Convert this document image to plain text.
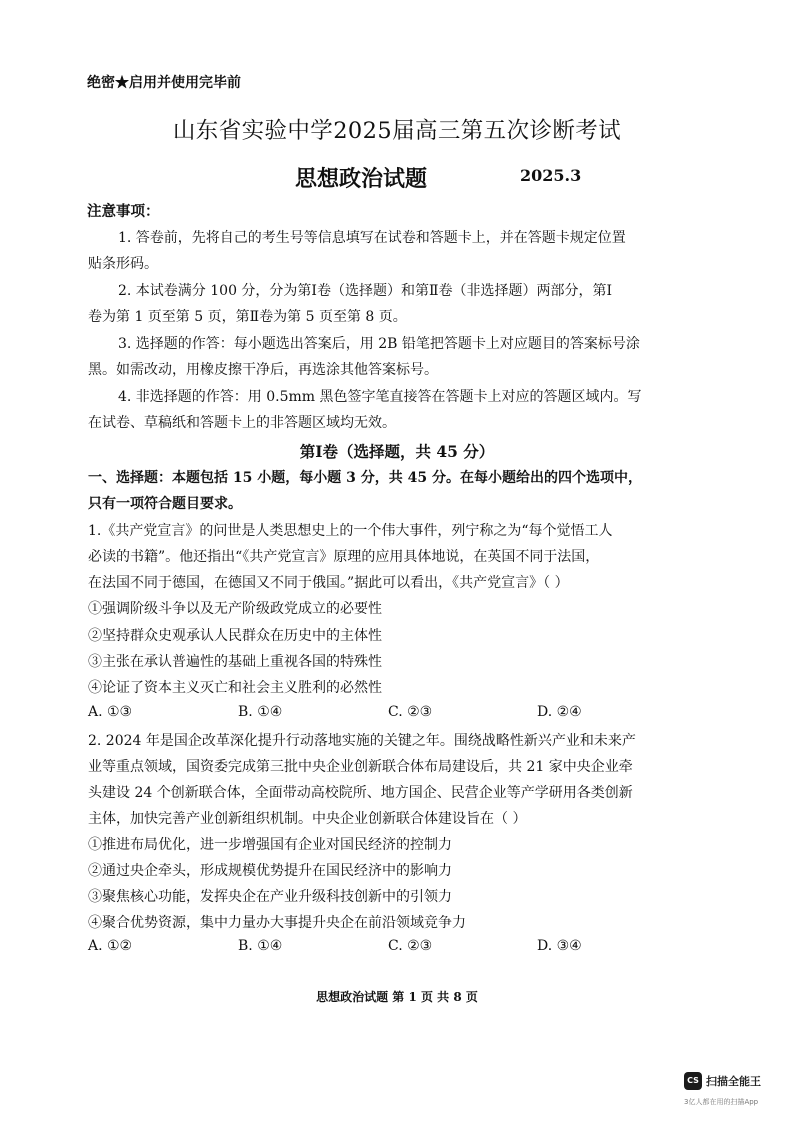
绝密★启用并使用完毕前
山东省实验中学2025届高三第五次诊断考试
思想政治试题	2025.3
注意事项：
1. 答卷前，先将自己的考生号等信息填写在试卷和答题卡上，并在答题卡规定位置
贴条形码。
2. 本试卷满分 100 分，分为第Ⅰ卷（选择题）和第Ⅱ卷（非选择题）两部分，第Ⅰ
卷为第 1 页至第 5 页，第Ⅱ卷为第 5 页至第 8 页。
3. 选择题的作答：每小题选出答案后，用 2B 铅笔把答题卡上对应题目的答案标号涂
黑。如需改动，用橡皮擦干净后，再选涂其他答案标号。
4. 非选择题的作答：用 0.5mm 黑色签字笔直接答在答题卡上对应的答题区域内。写
在试卷、草稿纸和答题卡上的非答题区域均无效。
第Ⅰ卷（选择题，共 45 分）
一、选择题：本题包括 15 小题，每小题 3 分，共 45 分。在每小题给出的四个选项中，
只有一项符合题目要求。
1.《共产党宣言》的问世是人类思想史上的一个伟大事件，列宁称之为“每个觉悟工人
必读的书籍”。他还指出“《共产党宣言》原理的应用具体地说，在英国不同于法国，
在法国不同于德国，在德国又不同于俄国。”据此可以看出，《共产党宣言》（ ）
①强调阶级斗争以及无产阶级政党成立的必要性
②坚持群众史观承认人民群众在历史中的主体性
③主张在承认普遍性的基础上重视各国的特殊性
④论证了资本主义灭亡和社会主义胜利的必然性
A. ①③	B. ①④	C. ②③	D. ②④
2. 2024 年是国企改革深化提升行动落地实施的关键之年。围绕战略性新兴产业和未来产
业等重点领域，国资委完成第三批中央企业创新联合体布局建设后，共 21 家中央企业牵
头建设 24 个创新联合体，全面带动高校院所、地方国企、民营企业等产学研用各类创新
主体，加快完善产业创新组织机制。中央企业创新联合体建设旨在（ ）
①推进布局优化，进一步增强国有企业对国民经济的控制力
②通过央企牵头，形成规模优势提升在国民经济中的影响力
③聚焦核心功能，发挥央企在产业升级科技创新中的引领力
④聚合优势资源，集中力量办大事提升央企在前沿领域竞争力
A. ①②	B. ①④	C. ②③	D. ③④
思想政治试题 第 1 页 共 8 页
CS 扫描全能王
3亿人都在用的扫描App
